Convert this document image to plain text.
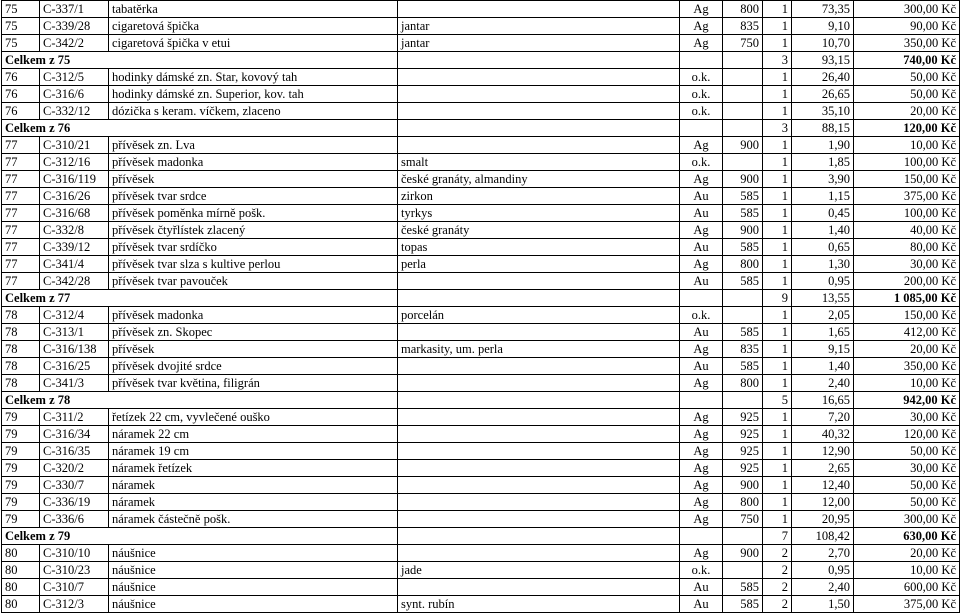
75	C-337/1	tabatěrka		Ag	800	1	73,35	300,00 Kč
75	C-339/28	cigaretová špička	jantar	Ag	835	1	9,10	90,00 Kč
75	C-342/2	cigaretová špička v etui	jantar	Ag	750	1	10,70	350,00 Kč
Celkem z 75						3	93,15	740,00 Kč
76	C-312/5	hodinky dámské zn. Star, kovový tah		o.k.		1	26,40	50,00 Kč
76	C-316/6	hodinky dámské zn. Superior, kov. tah		o.k.		1	26,65	50,00 Kč
76	C-332/12	dózička s keram. víčkem, zlaceno		o.k.		1	35,10	20,00 Kč
Celkem z 76						3	88,15	120,00 Kč
77	C-310/21	přívěsek zn. Lva		Ag	900	1	1,90	10,00 Kč
77	C-312/16	přívěsek madonka	smalt	o.k.		1	1,85	100,00 Kč
77	C-316/119	přívěsek	české granáty, almandiny	Ag	900	1	3,90	150,00 Kč
77	C-316/26	přívěsek tvar srdce	zirkon	Au	585	1	1,15	375,00 Kč
77	C-316/68	přívěsek poměnka mírně pošk.	tyrkys	Au	585	1	0,45	100,00 Kč
77	C-332/8	přívěsek čtyřlístek zlacený	české granáty	Ag	900	1	1,40	40,00 Kč
77	C-339/12	přívěsek tvar srdíčko	topas	Au	585	1	0,65	80,00 Kč
77	C-341/4	přívěsek tvar slza s kultive perlou	perla	Ag	800	1	1,30	30,00 Kč
77	C-342/28	přívěsek tvar pavouček		Au	585	1	0,95	200,00 Kč
Celkem z 77						9	13,55	1 085,00 Kč
78	C-312/4	přívěsek madonka	porcelán	o.k.		1	2,05	150,00 Kč
78	C-313/1	přívěsek zn. Skopec		Au	585	1	1,65	412,00 Kč
78	C-316/138	přívěsek	markasity, um. perla	Ag	835	1	9,15	20,00 Kč
78	C-316/25	přívěsek dvojité srdce		Au	585	1	1,40	350,00 Kč
78	C-341/3	přívěsek tvar květina, filigrán		Ag	800	1	2,40	10,00 Kč
Celkem z 78						5	16,65	942,00 Kč
79	C-311/2	řetízek 22 cm, vyvlečené ouško		Ag	925	1	7,20	30,00 Kč
79	C-316/34	náramek 22 cm		Ag	925	1	40,32	120,00 Kč
79	C-316/35	náramek 19 cm		Ag	925	1	12,90	50,00 Kč
79	C-320/2	náramek řetízek		Ag	925	1	2,65	30,00 Kč
79	C-330/7	náramek		Ag	900	1	12,40	50,00 Kč
79	C-336/19	náramek		Ag	800	1	12,00	50,00 Kč
79	C-336/6	náramek částečně pošk.		Ag	750	1	20,95	300,00 Kč
Celkem z 79						7	108,42	630,00 Kč
80	C-310/10	náušnice		Ag	900	2	2,70	20,00 Kč
80	C-310/23	náušnice	jade	o.k.		2	0,95	10,00 Kč
80	C-310/7	náušnice		Au	585	2	2,40	600,00 Kč
80	C-312/3	náušnice	synt. rubín	Au	585	2	1,50	375,00 Kč
